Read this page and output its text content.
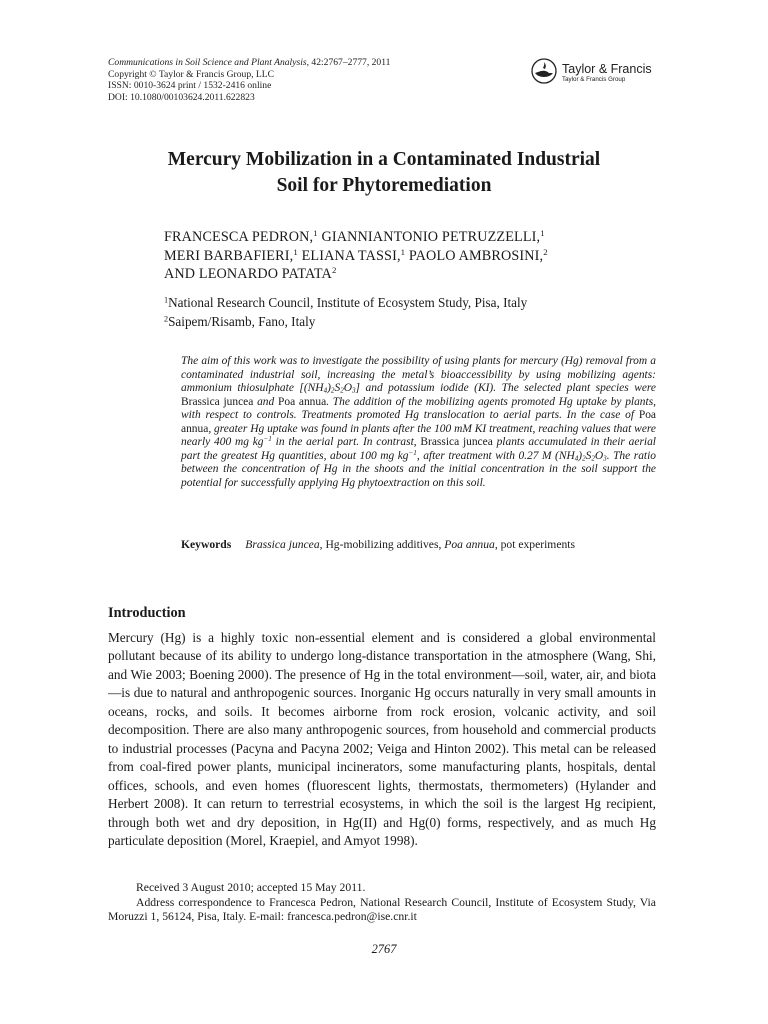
Communications in Soil Science and Plant Analysis, 42:2767–2777, 2011
Copyright © Taylor & Francis Group, LLC
ISSN: 0010-3624 print / 1532-2416 online
DOI: 10.1080/00103624.2011.622823
Taylor & Francis
Taylor & Francis Group
Mercury Mobilization in a Contaminated Industrial
Soil for Phytoremediation
FRANCESCA PEDRON,$^1$ GIANNIANTONIO PETRUZZELLI,$^1$
MERI BARBAFIERI,$^1$ ELIANA TASSI,$^1$ PAOLO AMBROSINI,$^2$
AND LEONARDO PATATA$^2$
$^1$National Research Council, Institute of Ecosystem Study, Pisa, Italy
$^2$Saipem/Risamb, Fano, Italy
The aim of this work was to investigate the possibility of using plants for mercury (Hg) removal from a contaminated industrial soil, increasing the metal’s bioaccessibility by using mobilizing agents: ammonium thiosulphate $[(NH_4)_2S_2O_3]$ and potassium iodide (KI). The selected plant species were Brassica juncea and Poa annua. The addition of the mobilizing agents promoted Hg uptake by plants, with respect to controls. Treatments promoted Hg translocation to aerial parts. In the case of Poa annua, greater Hg uptake was found in plants after the 100 mM KI treatment, reaching values that were nearly 400 mg $kg^{-1}$ in the aerial part. In contrast, Brassica juncea plants accumulated in their aerial part the greatest Hg quantities, about 100 mg $kg^{-1}$, after treatment with 0.27 M $(NH_4)_2S_2O_3$. The ratio between the concentration of Hg in the shoots and the initial concentration in the soil support the potential for successfully applying Hg phytoextraction on this soil.
Keywords Brassica juncea, Hg-mobilizing additives, Poa annua, pot experiments
Introduction
Mercury (Hg) is a highly toxic non-essential element and is considered a global environmental pollutant because of its ability to undergo long-distance transportation in the atmosphere (Wang, Shi, and Wie 2003; Boening 2000). The presence of Hg in the total environment—soil, water, air, and biota—is due to natural and anthropogenic sources. Inorganic Hg occurs naturally in very small amounts in oceans, rocks, and soils. It becomes airborne from rock erosion, volcanic activity, and soil decomposition. There are also many anthropogenic sources, from household and commercial products to industrial processes (Pacyna and Pacyna 2002; Veiga and Hinton 2002). This metal can be released from coal-fired power plants, municipal incinerators, some manufacturing plants, hospitals, dental offices, schools, and even homes (fluorescent lights, thermostats, thermometers) (Hylander and Herbert 2008). It can return to terrestrial ecosystems, in which the soil is the largest Hg recipient, through both wet and dry deposition, in Hg(II) and Hg(0) forms, respectively, and as much Hg particulate deposition (Morel, Kraepiel, and Amyot 1998).
Received 3 August 2010; accepted 15 May 2011.
Address correspondence to Francesca Pedron, National Research Council, Institute of Ecosystem Study, Via Moruzzi 1, 56124, Pisa, Italy. E-mail: francesca.pedron@ise.cnr.it
2767
